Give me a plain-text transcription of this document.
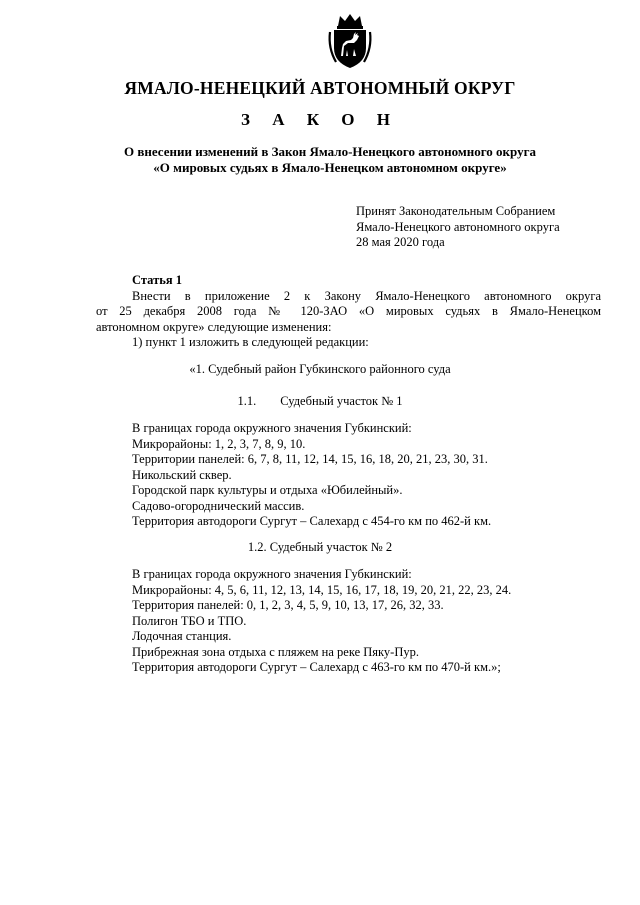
ЯМАЛО-НЕНЕЦКИЙ АВТОНОМНЫЙ ОКРУГ
З А К О Н
О внесении изменений в Закон Ямало-Ненецкого автономного округа
«О мировых судьях в Ямало-Ненецком автономном округе»
Принят Законодательным Собранием
Ямало-Ненецкого автономного округа
28 мая 2020 года
Статья 1
Внести в приложение 2 к Закону Ямало-Ненецкого автономного округа
от 25 декабря 2008 года № 120-ЗАО «О мировых судьях в Ямало-Ненецком
автономном округе» следующие изменения:
1) пункт 1 изложить в следующей редакции:
«1. Судебный район Губкинского районного суда
1.1. Судебный участок № 1
В границах города окружного значения Губкинский:
Микрорайоны: 1, 2, 3, 7, 8, 9, 10.
Территории панелей: 6, 7, 8, 11, 12, 14, 15, 16, 18, 20, 21, 23, 30, 31.
Никольский сквер.
Городской парк культуры и отдыха «Юбилейный».
Садово-огороднический массив.
Территория автодороги Сургут – Салехард с 454-го км по 462-й км.
1.2. Судебный участок № 2
В границах города окружного значения Губкинский:
Микрорайоны: 4, 5, 6, 11, 12, 13, 14, 15, 16, 17, 18, 19, 20, 21, 22, 23, 24.
Территория панелей: 0, 1, 2, 3, 4, 5, 9, 10, 13, 17, 26, 32, 33.
Полигон ТБО и ТПО.
Лодочная станция.
Прибрежная зона отдыха с пляжем на реке Пяку-Пур.
Территория автодороги Сургут – Салехард с 463-го км по 470-й км.»;
